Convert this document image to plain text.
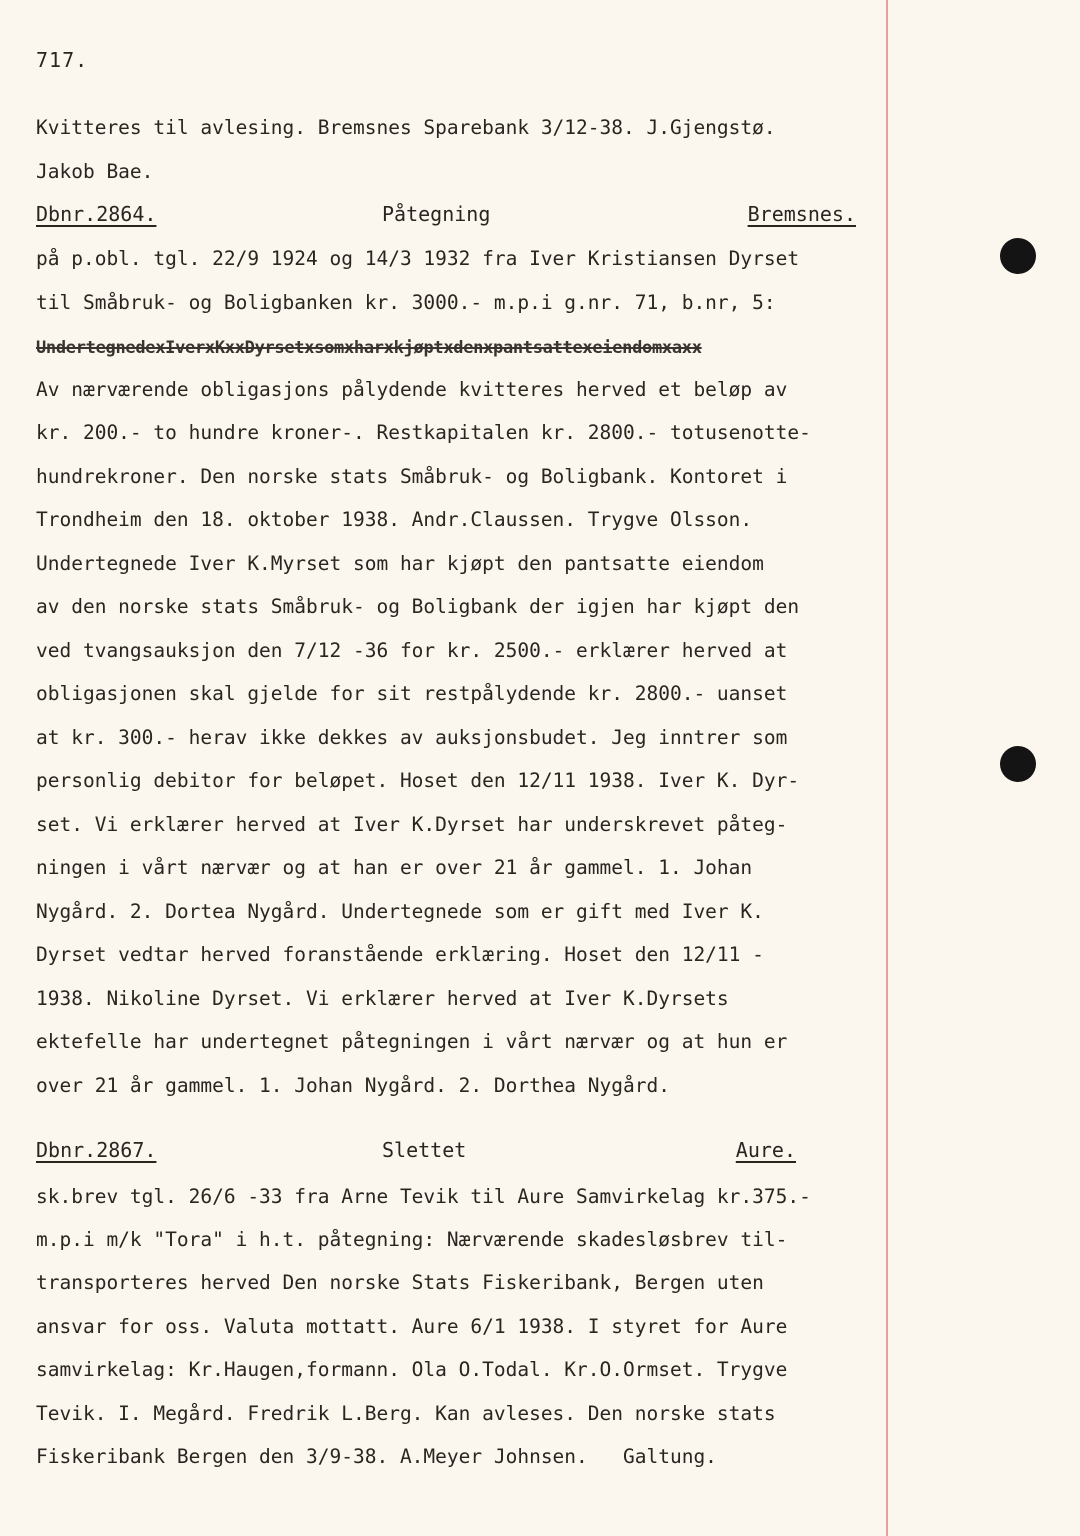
717.
Kvitteres til avlesing. Bremsnes Sparebank 3/12-38. J.Gjengstø.
Jakob Bae.
Dbnr.2864.	Påtegning	Bremsnes.
på p.obl. tgl. 22/9 1924 og 14/3 1932 fra Iver Kristiansen Dyrset
til Småbruk- og Boligbanken kr. 3000.- m.p.i g.nr. 71, b.nr, 5:
UndertegnedexIverxKxxDyrsetxsomxharxkjøptxdenxpantsattexeiendomxaxx
Av nærværende obligasjons pålydende kvitteres herved et beløp av
kr. 200.- to hundre kroner-. Restkapitalen kr. 2800.- totusenotte-
hundrekroner. Den norske stats Småbruk- og Boligbank. Kontoret i
Trondheim den 18. oktober 1938. Andr.Claussen. Trygve Olsson.
Undertegnede Iver K.Myrset som har kjøpt den pantsatte eiendom
av den norske stats Småbruk- og Boligbank der igjen har kjøpt den
ved tvangsauksjon den 7/12 -36 for kr. 2500.- erklærer herved at
obligasjonen skal gjelde for sit restpålydende kr. 2800.- uanset
at kr. 300.- herav ikke dekkes av auksjonsbudet. Jeg inntrer som
personlig debitor for beløpet. Hoset den 12/11 1938. Iver K. Dyr-
set. Vi erklærer herved at Iver K.Dyrset har underskrevet påteg-
ningen i vårt nærvær og at han er over 21 år gammel. 1. Johan
Nygård. 2. Dortea Nygård. Undertegnede som er gift med Iver K.
Dyrset vedtar herved foranstående erklæring. Hoset den 12/11 -
1938. Nikoline Dyrset. Vi erklærer herved at Iver K.Dyrsets
ektefelle har undertegnet påtegningen i vårt nærvær og at hun er
over 21 år gammel. 1. Johan Nygård. 2. Dorthea Nygård.
Dbnr.2867.	Slettet	Aure.
sk.brev tgl. 26/6 -33 fra Arne Tevik til Aure Samvirkelag kr.375.-
m.p.i m/k "Tora" i h.t. påtegning: Nærværende skadesløsbrev til-
transporteres herved Den norske Stats Fiskeribank, Bergen uten
ansvar for oss. Valuta mottatt. Aure 6/1 1938. I styret for Aure
samvirkelag: Kr.Haugen,formann. Ola O.Todal. Kr.O.Ormset. Trygve
Tevik. I. Megård. Fredrik L.Berg. Kan avleses. Den norske stats
Fiskeribank Bergen den 3/9-38. A.Meyer Johnsen.   Galtung.
